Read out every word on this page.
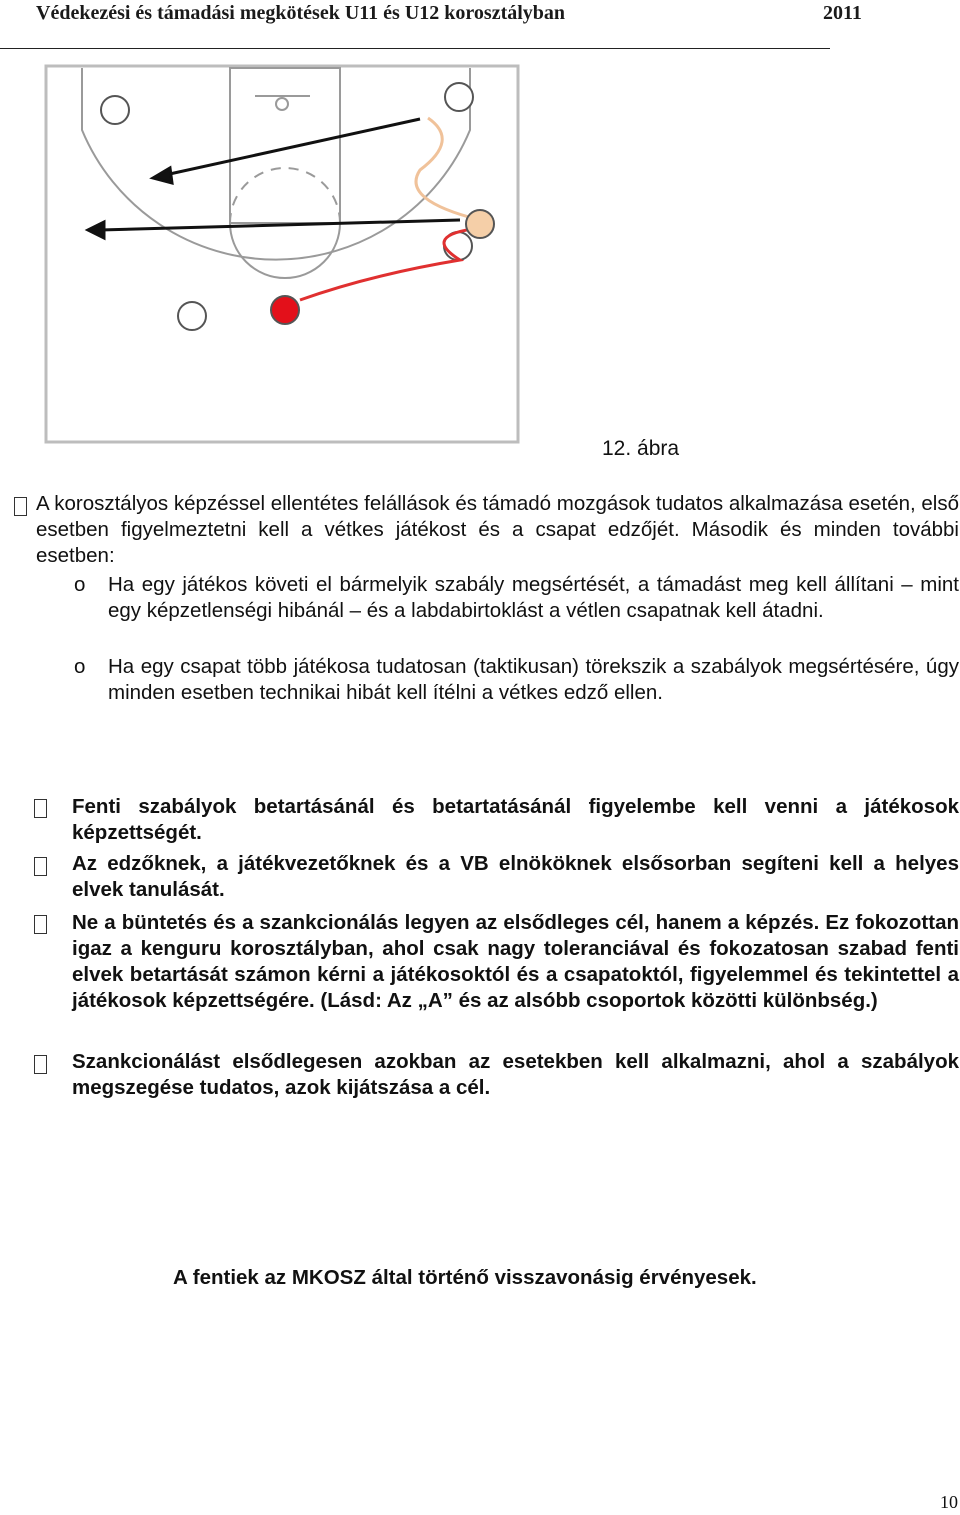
Védekezési és támadási megkötések U11 és U12 korosztályban	2011
12. ábra
A korosztályos képzéssel ellentétes felállások és támadó mozgások tudatos alkalmazása esetén, első esetben figyelmeztetni kell a vétkes játékost és a csapat edzőjét. Második és minden további esetben:
o Ha egy játékos követi el bármelyik szabály megsértését, a támadást meg kell állítani – mint egy képzetlenségi hibánál – és a labdabirtoklást a vétlen csapatnak kell átadni.
o Ha egy csapat több játékosa tudatosan (taktikusan) törekszik a szabályok megsértésére, úgy minden esetben technikai hibát kell ítélni a vétkes edző ellen.
Fenti szabályok betartásánál és betartatásánál figyelembe kell venni a játékosok képzettségét.
Az edzőknek, a játékvezetőknek és a VB elnököknek elsősorban segíteni kell a helyes elvek tanulását.
Ne a büntetés és a szankcionálás legyen az elsődleges cél, hanem a képzés. Ez fokozottan igaz a kenguru korosztályban, ahol csak nagy toleranciával és fokozatosan szabad fenti elvek betartását számon kérni a játékosoktól és a csapatoktól, figyelemmel és tekintettel a játékosok képzettségére. (Lásd: Az „A” és az alsóbb csoportok közötti különbség.)
Szankcionálást elsődlegesen azokban az esetekben kell alkalmazni, ahol a szabályok megszegése tudatos, azok kijátszása a cél.
A fentiek az MKOSZ által történő visszavonásig érvényesek.
10
